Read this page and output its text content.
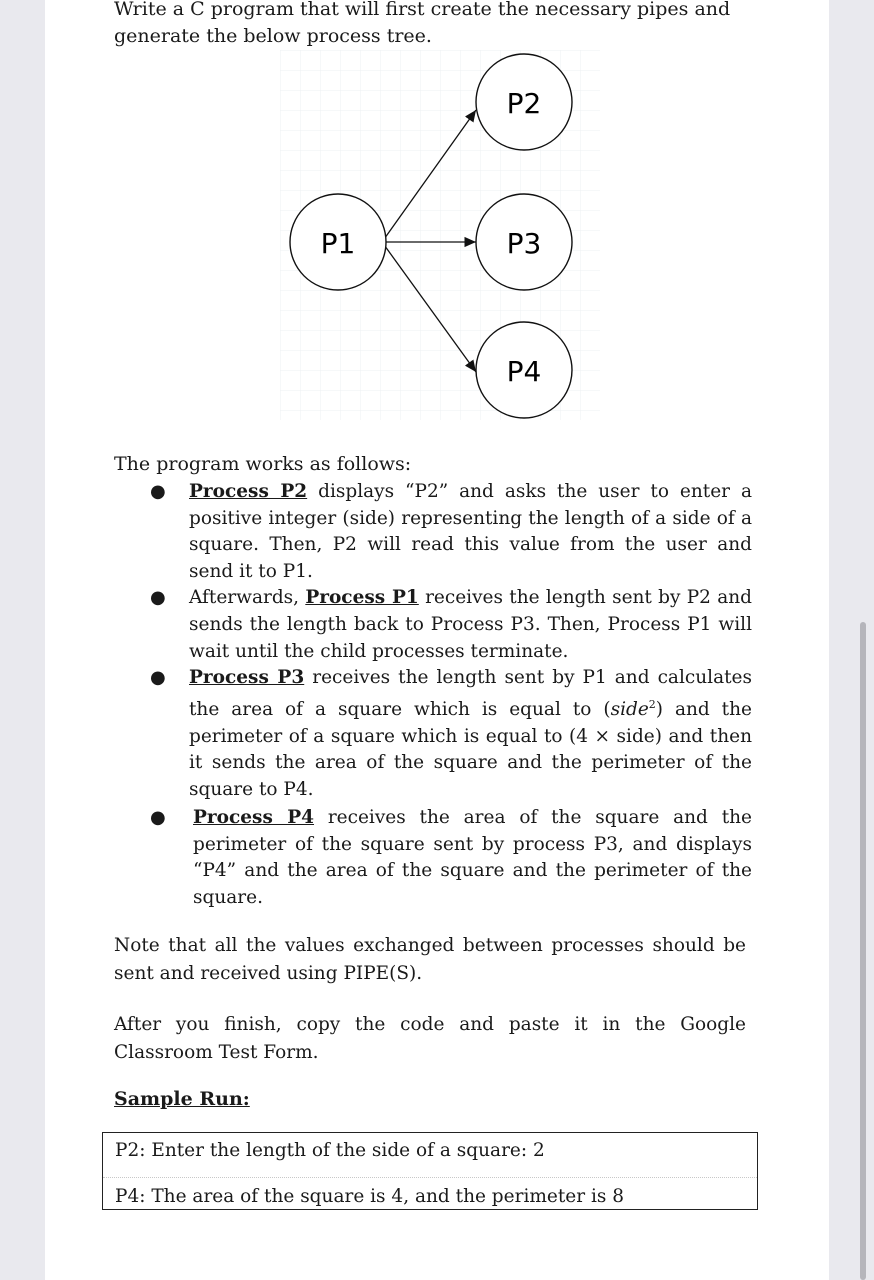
Write a C program that will first create the necessary pipes and
generate the below process tree.
P1
P2
P3
P4
The program works as follows:
● Process P2 displays “P2” and asks the user to enter a positive integer (side) representing the length of a side of a square. Then, P2 will read this value from the user and send it to P1.
● Afterwards, Process P1 receives the length sent by P2 and sends the length back to Process P3. Then, Process P1 will wait until the child processes terminate.
● Process P3 receives the length sent by P1 and calculates the area of a square which is equal to (side$^2$) and the perimeter of a square which is equal to (4 × side) and then it sends the area of the square and the perimeter of the square to P4.
● Process P4 receives the area of the square and the perimeter of the square sent by process P3, and displays “P4” and the area of the square and the perimeter of the square.
Note that all the values exchanged between processes should be sent and received using PIPE(S).
After you finish, copy the code and paste it in the Google Classroom Test Form.
Sample Run:
P2: Enter the length of the side of a square: 2
P4: The area of the square is 4, and the perimeter is 8
